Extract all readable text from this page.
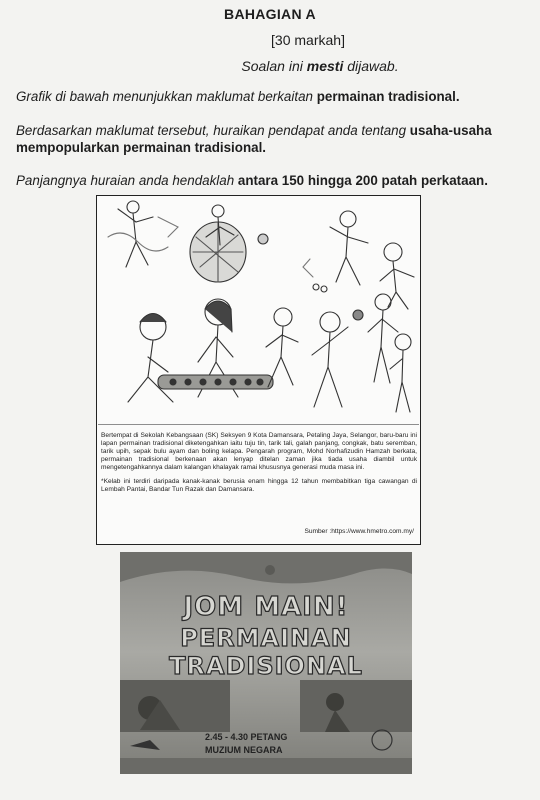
BAHAGIAN A
[30 markah]
Soalan ini mesti dijawab.
Grafik di bawah menunjukkan maklumat berkaitan permainan tradisional.
Berdasarkan maklumat tersebut, huraikan pendapat anda tentang usaha-usaha mempopularkan permainan tradisional.
Panjangnya huraian anda hendaklah antara 150 hingga 200 patah perkataan.

Bertempat di Sekolah Kebangsaan (SK) Seksyen 9 Kota Damansara, Petaling Jaya, Selangor, baru-baru ini lapan permainan tradisional diketengahkan iaitu tuju tin, tarik tali, galah panjang, congkak, batu seremban, tarik upih, sepak bulu ayam dan boling kelapa. Pengarah program, Mohd Norhafizudin Hamzah berkata, permainan tradisional berkenaan akan lenyap ditelan zaman jika tiada usaha diambil untuk mengetengahkannya dalam kalangan khalayak ramai khususnya generasi muda masa ini.

*Kelab ini terdiri daripada kanak-kanak berusia enam hingga 12 tahun membabitkan tiga cawangan di Lembah Pantai, Bandar Tun Razak dan Damansara.

Sumber :https://www.hmetro.com.my/
JOM MAIN!
PERMAINAN
TRADISIONAL
2.45 - 4.30 PETANG
MUZIUM NEGARA
